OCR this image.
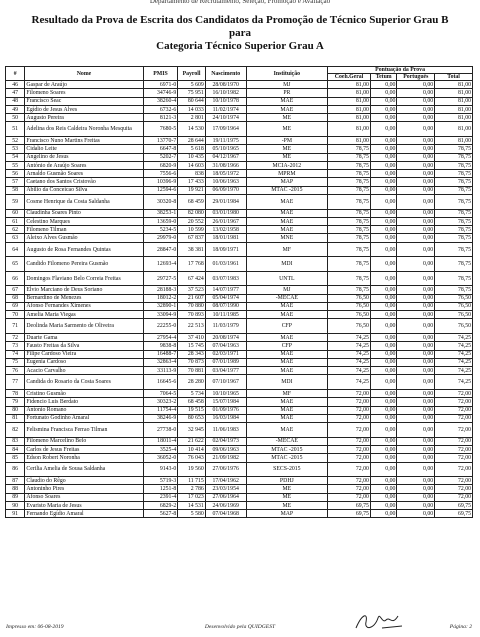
Departamento de Recrutamento, Seleção, Promoção e Avaliação
Resultado da Prova de Escrita dos Candidatos da Promoção de Técnico Superior Grau B
para
Categoria Técnico Superior Grau A
#	Nome	PMIS	Payroll	Nascimento	Instituição	Pontuação da Prova			
						Coeh.Geral	Tetum	Português	Total
46	Gaspar de Araújo	6971-0	5 609	28/08/1970	MJ	81,00	0,00	0,00	81,00
47	Filomeno Soares	34746-9	75 951	16/10/1982	PR	81,00	0,00	0,00	81,00
48	Francisco Seac	38260-4	80 644	10/10/1978	MAE	81,00	0,00	0,00	81,00
49	Egídio de Jesus Alves	6732-6	14 033	11/02/1974	MAE	81,00	0,00	0,00	81,00
50	Augusto Pereira	8121-3	2 801	24/10/1974	ME	81,00	0,00	0,00	81,00
51	Adelina dos Reis Caldeira Noronha Mesquita	7680-5	14 530	17/09/1964	ME	81,00	0,00	0,00	81,00
52	Francisco Nuno Martins Freitas	13770-7	28 644	19/11/1975	-PM	81,00	0,00	0,00	81,00
53	Cidalio Leite	6647-8	5 618	05/10/1965	ME	78,75	0,00	0,00	78,75
54	Angelino de Jesus	5202-7	10 435	04/12/1967	ME	78,75	0,00	0,00	78,75
55	António de Araújo Soares	6820-9	14 603	31/08/1966	MCIA-2012	78,75	0,00	0,00	78,75
56	Arnaldo Gusmão Soares	7556-6	838	18/05/1972	MPRM	78,75	0,00	0,00	78,75
57	Caetano dos Santos Cristovão	10396-9	17 433	10/06/1963	MAP	78,75	0,00	0,00	78,75
58	Abilio da Conceicao Silva	12594-6	19 921	06/09/1970	MTAC -2015	78,75	0,00	0,00	78,75
59	Cosme Henrique da Costa Saldanha	30320-8	68 459	29/01/1984	MAE	78,75	0,00	0,00	78,75
60	Claudinha Soares Pinto	38253-1	82 080	03/01/1980	MAE	78,75	0,00	0,00	78,75
61	Celestino Marques	13659-0	20 552	26/01/1967	MAE	78,75	0,00	0,00	78,75
62	Filomeno Tilman	5234-5	10 599	13/02/1958	MAE	78,75	0,00	0,00	78,75
63	Aleixo Alves Gusmão	29979-0	67 837	18/01/1981	MNE	78,75	0,00	0,00	78,75
64	Augusto de Rosa Fernandes Quintas	28847-0	38 381	18/09/1971	MF	78,75	0,00	0,00	78,75
65	Candido Filomeno Pereira Gusmão	12693-4	17 768	01/03/1961	MDI	78,75	0,00	0,00	78,75
66	Domingos Flaviano Belo Correia Freitas	29727-5	67 424	03/07/1983	UNTL	78,75	0,00	0,00	78,75
67	Elvio Marciano de Deus Soriano	28188-3	37 523	14/07/1977	MJ	78,75	0,00	0,00	78,75
68	Bernardino de Menezes	18012-2	21 607	05/04/1974	-MECAE	76,50	0,00	0,00	76,50
69	Afonso Fernandes Ximenes	32890-1	70 880	08/07/1990	MAE	76,50	0,00	0,00	76,50
70	Amelia Maria Viegas	33094-9	70 893	10/11/1985	MAE	76,50	0,00	0,00	76,50
71	Deolinda Maria Sarmento de Oliveira	22255-0	22 513	11/03/1979	CFP	76,50	0,00	0,00	76,50
72	Duarte Gama	27954-4	37 410	20/08/1974	MAE	74,25	0,00	0,00	74,25
73	Fausto Freitas da Silva	9838-8	15 745	07/04/1963	CFP	74,25	0,00	0,00	74,25
74	Filipe Cardoso Vieira	16488-7	28 343	02/03/1971	MAE	74,25	0,00	0,00	74,25
75	Eugenia Cardoso	32863-4	70 873	07/01/1989	MAE	74,25	0,00	0,00	74,25
76	Acacio Carvalho	33113-9	70 881	03/04/1977	MAE	74,25	0,00	0,00	74,25
77	Candida do Rosario da Costa Soares	16645-6	28 280	07/10/1967	MDI	74,25	0,00	0,00	74,25
78	Cristino Gusmão	7064-5	5 734	10/10/1965	MF	72,00	0,00	0,00	72,00
79	Fidencio Luis Berdato	30323-2	68 458	15/07/1984	MAE	72,00	0,00	0,00	72,00
80	Antonio Romano	11754-4	19 515	01/09/1976	MAE	72,00	0,00	0,00	72,00
81	Fortunato Godinho Amaral	38246-9	80 653	16/03/1984	MAE	72,00	0,00	0,00	72,00
82	Felismina Francisca Ferrao Tilman	27738-0	32 945	11/06/1983	MAE	72,00	0,00	0,00	72,00
83	Filomeno Marcelino Belo	18011-4	21 622	02/04/1973	-MECAE	72,00	0,00	0,00	72,00
84	Carlos de Jesus Freitas	3525-4	10 414	09/06/1963	MTAC -2015	72,00	0,00	0,00	72,00
85	Edson Robert Noronha	36052-0	76 043	21/09/1982	MTAC -2015	72,00	0,00	0,00	72,00
86	Cerilia Amelia de Sousa Saldanha	9143-0	19 560	27/06/1976	SECS-2015	72,00	0,00	0,00	72,00
87	Claudio do Rêgo	5719-3	11 715	17/04/1962	PDHJ	72,00	0,00	0,00	72,00
88	Antoninho Pires	1251-8	2 786	23/03/1954	ME	72,00	0,00	0,00	72,00
89	Afonso Soares	2391-4	17 023	27/06/1964	ME	72,00	0,00	0,00	72,00
90	Evaristo Maria de Jesus	6829-2	14 531	24/06/1969	ME	69,75	0,00	0,00	69,75
91	Fernando Egídio Amaral	5627-8	5 580	07/04/1968	MAP	69,75	0,00	0,00	69,75
Impresso em: 06-08-2019	Desenvolvido pela QUIDGEST	Página: 2
